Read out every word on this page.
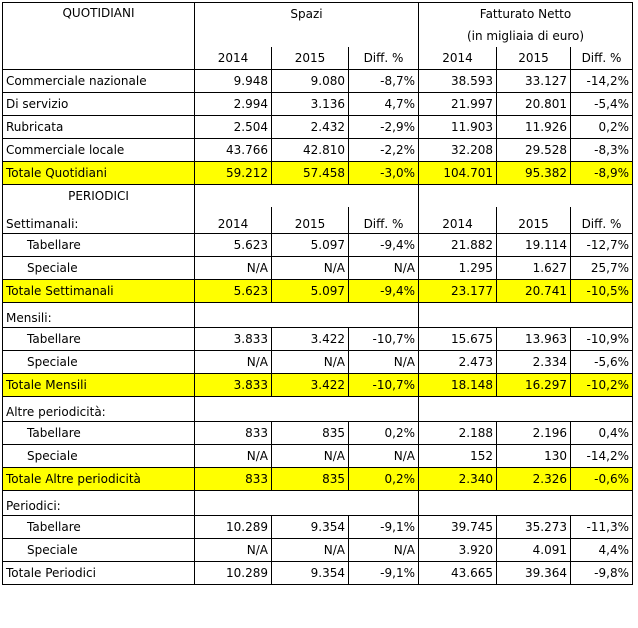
QUOTIDIANI	Spazi			Fatturato Netto		
				(in migliaia di euro)		
	2014	2015	Diff. %	2014	2015	Diff. %
Commerciale nazionale	9.948	9.080	-8,7%	38.593	33.127	-14,2%
Di servizio	2.994	3.136	4,7%	21.997	20.801	-5,4%
Rubricata	2.504	2.432	-2,9%	11.903	11.926	0,2%
Commerciale locale	43.766	42.810	-2,2%	32.208	29.528	-8,3%
Totale Quotidiani	59.212	57.458	-3,0%	104.701	95.382	-8,9%
PERIODICI						
Settimanali:	2014	2015	Diff. %	2014	2015	Diff. %
Tabellare	5.623	5.097	-9,4%	21.882	19.114	-12,7%
Speciale	N/A	N/A	N/A	1.295	1.627	25,7%
Totale Settimanali	5.623	5.097	-9,4%	23.177	20.741	-10,5%
Mensili:						
Tabellare	3.833	3.422	-10,7%	15.675	13.963	-10,9%
Speciale	N/A	N/A	N/A	2.473	2.334	-5,6%
Totale Mensili	3.833	3.422	-10,7%	18.148	16.297	-10,2%
Altre periodicità:						
Tabellare	833	835	0,2%	2.188	2.196	0,4%
Speciale	N/A	N/A	N/A	152	130	-14,2%
Totale Altre periodicità	833	835	0,2%	2.340	2.326	-0,6%
Periodici:						
Tabellare	10.289	9.354	-9,1%	39.745	35.273	-11,3%
Speciale	N/A	N/A	N/A	3.920	4.091	4,4%
Totale Periodici	10.289	9.354	-9,1%	43.665	39.364	-9,8%
